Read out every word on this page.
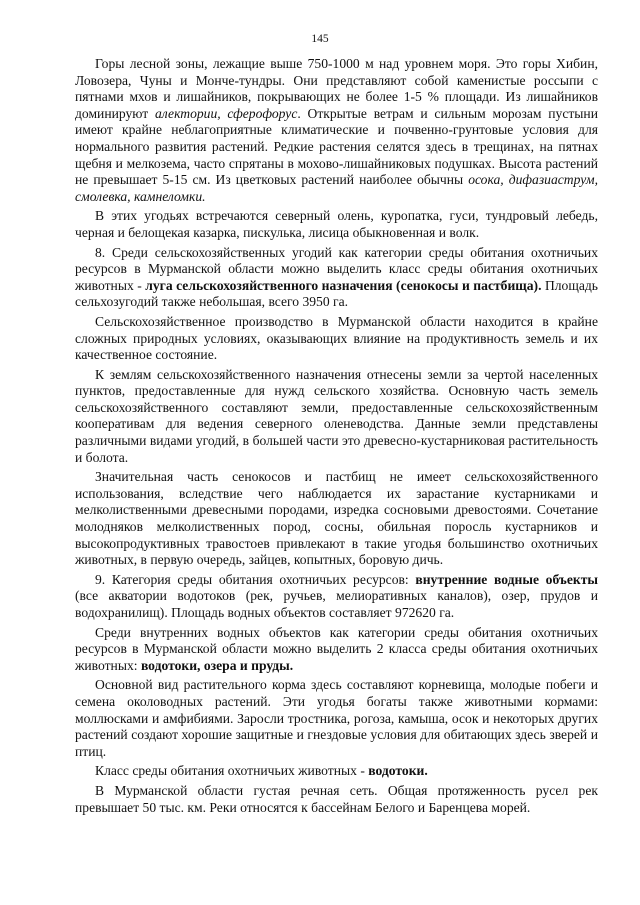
145

Горы лесной зоны, лежащие выше 750-1000 м над уровнем моря. Это горы Хибин, Ловозера, Чуны и Монче-тундры. Они представляют собой каменистые россыпи с пятнами мхов и лишайников, покрывающих не более 1-5 % площади. Из лишайников доминируют алектории, сферофорус. Открытые ветрам и сильным морозам пустыни имеют крайне неблагоприятные климатические и почвенно-грунтовые условия для нормального развития растений. Редкие растения селятся здесь в трещинах, на пятнах щебня и мелкозема, часто спрятаны в мохово-лишайниковых подушках. Высота растений не превышает 5-15 см. Из цветковых растений наиболее обычны осока, дифазиаструм, смолевка, камнеломки.

В этих угодьях встречаются северный олень, куропатка, гуси, тундровый лебедь, черная и белощекая казарка, пискулька, лисица обыкновенная и волк.

8. Среди сельскохозяйственных угодий как категории среды обитания охотничьих ресурсов в Мурманской области можно выделить класс среды обитания охотничьих животных - луга сельскохозяйственного назначения (сенокосы и пастбища). Площадь сельхозугодий также небольшая, всего 3950 га.

Сельскохозяйственное производство в Мурманской области находится в крайне сложных природных условиях, оказывающих влияние на продуктивность земель и их качественное состояние.

К землям сельскохозяйственного назначения отнесены земли за чертой населенных пунктов, предоставленные для нужд сельского хозяйства. Основную часть земель сельскохозяйственного составляют земли, предоставленные сельскохозяйственным кооперативам для ведения северного оленеводства. Данные земли представлены различными видами угодий, в большей части это древесно-кустарниковая растительность и болота.

Значительная часть сенокосов и пастбищ не имеет сельскохозяйственного использования, вследствие чего наблюдается их зарастание кустарниками и мелколиственными древесными породами, изредка сосновыми древостоями. Сочетание молодняков мелколиственных пород, сосны, обильная поросль кустарников и высокопродуктивных травостоев привлекают в такие угодья большинство охотничьих животных, в первую очередь, зайцев, копытных, боровую дичь.

9. Категория среды обитания охотничьих ресурсов: внутренние водные объекты (все акватории водотоков (рек, ручьев, мелиоративных каналов), озер, прудов и водохранилищ). Площадь водных объектов составляет 972620 га.

Среди внутренних водных объектов как категории среды обитания охотничьих ресурсов в Мурманской области можно выделить 2 класса среды обитания охотничьих животных: водотоки, озера и пруды.

Основной вид растительного корма здесь составляют корневища, молодые побеги и семена околоводных растений. Эти угодья богаты также животными кормами: моллюсками и амфибиями. Заросли тростника, рогоза, камыша, осок и некоторых других растений создают хорошие защитные и гнездовые условия для обитающих здесь зверей и птиц.

Класс среды обитания охотничьих животных - водотоки.

В Мурманской области густая речная сеть. Общая протяженность русел рек превышает 50 тыс. км. Реки относятся к бассейнам Белого и Баренцева морей.
